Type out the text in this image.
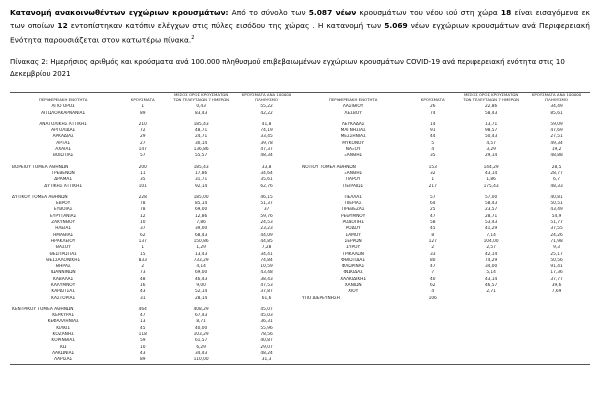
Κατανομή ανακοινωθέντων εγχώριων κρουσμάτων: Από το σύνολο των 5.087 νέων κρουσμάτων του νέου ιού στη χώρα 18 είναι εισαγόμενα εκ των οποίων 12 εντοπίστηκαν κατόπιν ελέγχων στις πύλες εισόδου της χώρας . Η κατανομή των 5.069 νέων εγχώριων κρουσμάτων ανά Περιφερειακή Ενότητα παρουσιάζεται στον κατωτέρω πίνακα.$^2$

Πίνακας 2: Ημερήσιος αριθμός και κρούσματα ανά 100.000 πληθυσμού επιβεβαιωμένων εγχώριων κρουσμάτων COVID-19 ανά περιφερειακή ενότητα στις 10 Δεκεμβρίου 2021

ΠΕΡΙΦΕΡΕΙΑΚΗ ΕΝΟΤΗΤΑ	ΚΡΟΥΣΜΑΤΑ	ΜΕΣΟΣ ΟΡΟΣ ΚΡΟΥΣΜΑΤΩΝ ΤΩΝ ΤΕΛΕΥΤΑΙΩΝ 7 ΗΜΕΡΩΝ	ΚΡΟΥΣΜΑΤΑ ΑΝΑ 100000 ΠΛΗΘΥΣΜΟ
ΑΓΙΟ ΟΡΟΣ	1	0,43	55,22
ΑΙΤΩΛΟΑΚΑΡΝΑΝΙΑΣ	89	83,43	42,22

ΑΝΑΤΟΛΙΚΗΣ ΑΤΤΙΚΗΣ	210	185,43	41,8
ΑΡΓΟΛΙΔΑΣ	72	48,71	74,19
ΑΡΚΑΔΙΑΣ	29	24,71	33,45
ΑΡΤΑΣ	27	30,14	39,78
ΑΧΑΪΑΣ	147	136,86	47,37
ΒΟΙΩΤΙΑΣ	57	55,57	48,34

ΒΟΡΕΙΟΥ ΤΟΜΕΑ ΑΘΗΝΩΝ	200	185,43	33,8
ΓΡΕΒΕΝΩΝ	11	17,86	34,64
ΔΡΑΜΑΣ	35	31,71	35,61
ΔΥΤΙΚΗΣ ΑΤΤΙΚΗΣ	101	92,14	62,76

ΔΥΤΙΚΟΥ ΤΟΜΕΑ ΑΘΗΝΩΝ	228	185,00	46,15
ΕΒΡΟΥ	78	85,14	51,37
ΕΥΒΟΙΑΣ	78	69,00	37
ΕΥΡΥΤΑΝΙΑΣ	12	12,86	59,76
ΖΑΚΥΝΘΟΥ	10	7,86	24,53
ΗΛΕΙΑΣ	37	39,00	23,23
ΗΜΑΘΙΑΣ	62	68,43	44,09
ΗΡΑΚΛΕΙΟΥ	137	150,86	44,85
ΘΑΣΟΥ	1	1,29	7,28
ΘΕΣΠΡΩΤΙΑΣ	15	13,43	34,41
ΘΕΣΣΑΛΟΝΙΚΗΣ	833	733,29	74,84
ΘΗΡΑΣ	2	4,14	10,59
ΙΩΑΝΝΙΝΩΝ	73	69,00	43,48
ΚΑΒΑΛΑΣ	48	46,43	38,43
ΚΑΛΥΜΝΟΥ	16	9,00	47,53
ΚΑΡΔΙΤΣΑΣ	43	52,14	37,87
ΚΑΣΤΟΡΙΑΣ	31	28,14	61,6

ΚΕΝΤΡΙΚΟΥ ΤΟΜΕΑ ΑΘΗΝΩΝ	464	408,29	45,07
ΚΕΡΚΥΡΑΣ	47	67,43	45,03
ΚΕΦΑΛΛΗΝΙΑΣ	13	8,71	36,31
ΚΙΛΚΙΣ	45	40,00	55,96
ΚΟΖΑΝΗΣ	118	103,29	78,56
ΚΟΡΙΝΘΙΑΣ	59	61,57	40,87
ΚΩ	10	6,29	29,07
ΛΑΚΩΝΙΑΣ	43	34,43	48,24
ΛΑΡΙΣΑΣ	89	110,00	31,3

ΠΕΡΙΦΕΡΕΙΑΚΗ ΕΝΟΤΗΤΑ	ΚΡΟΥΣΜΑΤΑ	ΜΕΣΟΣ ΟΡΟΣ ΚΡΟΥΣΜΑΤΩΝ ΤΩΝ ΤΕΛΕΥΤΑΙΩΝ 7 ΗΜΕΡΩΝ	ΚΡΟΥΣΜΑΤΑ ΑΝΑ 100000 ΠΛΗΘΥΣΜΟ
ΛΑΣΙΘΙΟΥ	26	22,86	34,49
ΛΕΣΒΟΥ	74	58,43	85,61

ΛΕΥΚΑΔΑΣ	14	13,71	59,09
ΜΑΓΝΗΣΙΑΣ	91	98,57	47,69
ΜΕΣΣΗΝΙΑΣ	44	50,43	27,51
ΜΥΚΟΝΟΥ	5	4,57	49,34
ΝΑΞΟΥ	4	3,29	19,2
ΞΑΝΘΗΣ	35	29,14	48,88

ΝΟΤΙΟΥ ΤΟΜΕΑ ΑΘΗΝΩΝ	153	144,29	28,5
ΞΑΝΘΗΣ	32	43,14	28,77
ΠΑΡΟΥ	1	1,86	6,7
ΠΕΙΡΑΙΩΣ	217	175,43	48,33

ΠΕΛΛΑΣ	57	57,00	40,81
ΠΙΕΡΙΑΣ	64	58,43	50,51
ΠΡΕΒΕΖΑΣ	25	23,57	43,49
ΡΕΘΥΜΝΟΥ	47	28,71	54,9
ΡΟΔΟΠΗΣ	58	53,43	51,77
ΡΟΔΟΥ	45	41,29	37,55
ΣΑΜΟΥ	8	7,14	24,26
ΣΕΡΡΩΝ	127	104,00	71,98
ΣΥΡΟΥ	2	2,57	9,3
ΤΡΙΚΑΛΩΝ	33	42,14	25,17
ΦΘΙΩΤΙΔΑΣ	80	74,29	50,56
ΦΛΩΡΙΝΑΣ	47	34,00	91,41
ΦΩΚΙΔΑΣ	7	5,14	17,36
ΧΑΛΚΙΔΙΚΗΣ	40	43,14	37,77
ΧΑΝΙΩΝ	62	46,57	39,6
ΧΙΟΥ	4	2,71	7,69
ΥΠΟ ΔΙΕΡΕΥΝΗΣΗ	106		
